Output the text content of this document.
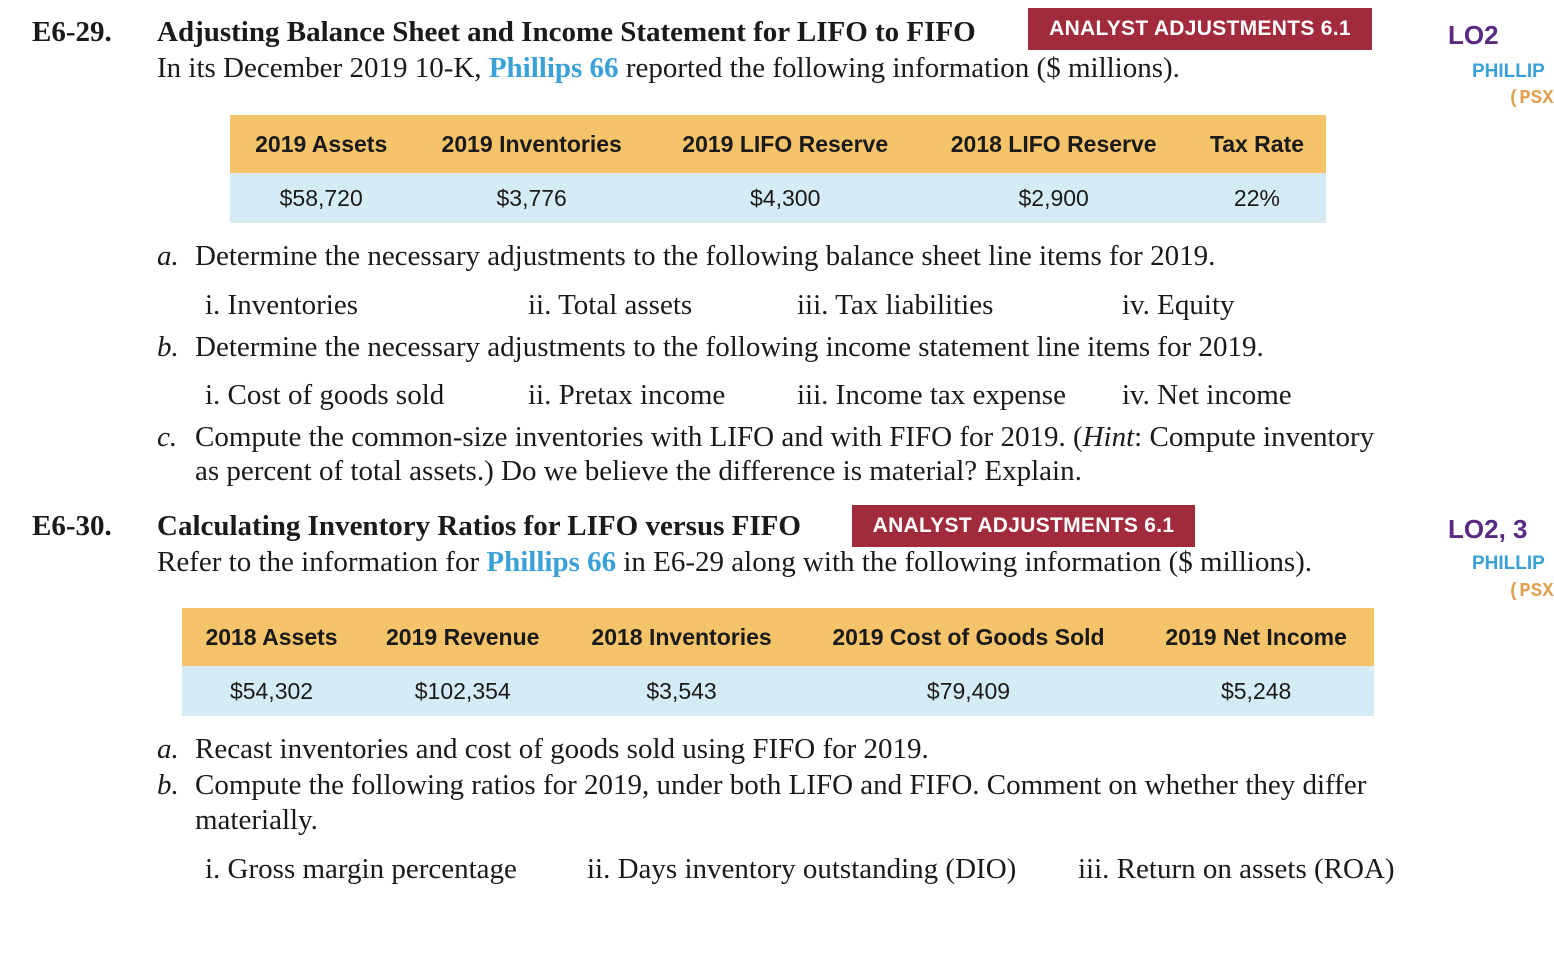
E6-29. Adjusting Balance Sheet and Income Statement for LIFO to FIFO	ANALYST ADJUSTMENTS 6.1
In its December 2019 10-K, Phillips 66 reported the following information ($ millions).
LO2
PHILLIP
(PSX
2019 Assets	2019 Inventories	2019 LIFO Reserve	2018 LIFO Reserve	Tax Rate
$58,720	$3,776	$4,300	$2,900	22%
a. Determine the necessary adjustments to the following balance sheet line items for 2019.
i. Inventories	ii. Total assets	iii. Tax liabilities	iv. Equity
b. Determine the necessary adjustments to the following income statement line items for 2019.
i. Cost of goods sold	ii. Pretax income iii. Income tax expense iv. Net income
c. Compute the common-size inventories with LIFO and with FIFO for 2019. (Hint: Compute inventory
as percent of total assets.) Do we believe the difference is material? Explain.
E6-30. Calculating Inventory Ratios for LIFO versus FIFO	ANALYST ADJUSTMENTS 6.1
Refer to the information for Phillips 66 in E6-29 along with the following information ($ millions).
LO2, 3
PHILLIP
(PSX
2018 Assets	2019 Revenue	2018 Inventories	2019 Cost of Goods Sold	2019 Net Income
$54,302	$102,354	$3,543	$79,409	$5,248
a. Recast inventories and cost of goods sold using FIFO for 2019.
b. Compute the following ratios for 2019, under both LIFO and FIFO. Comment on whether they differ
materially.
i. Gross margin percentage ii. Days inventory outstanding (DIO) iii. Return on assets (ROA)
